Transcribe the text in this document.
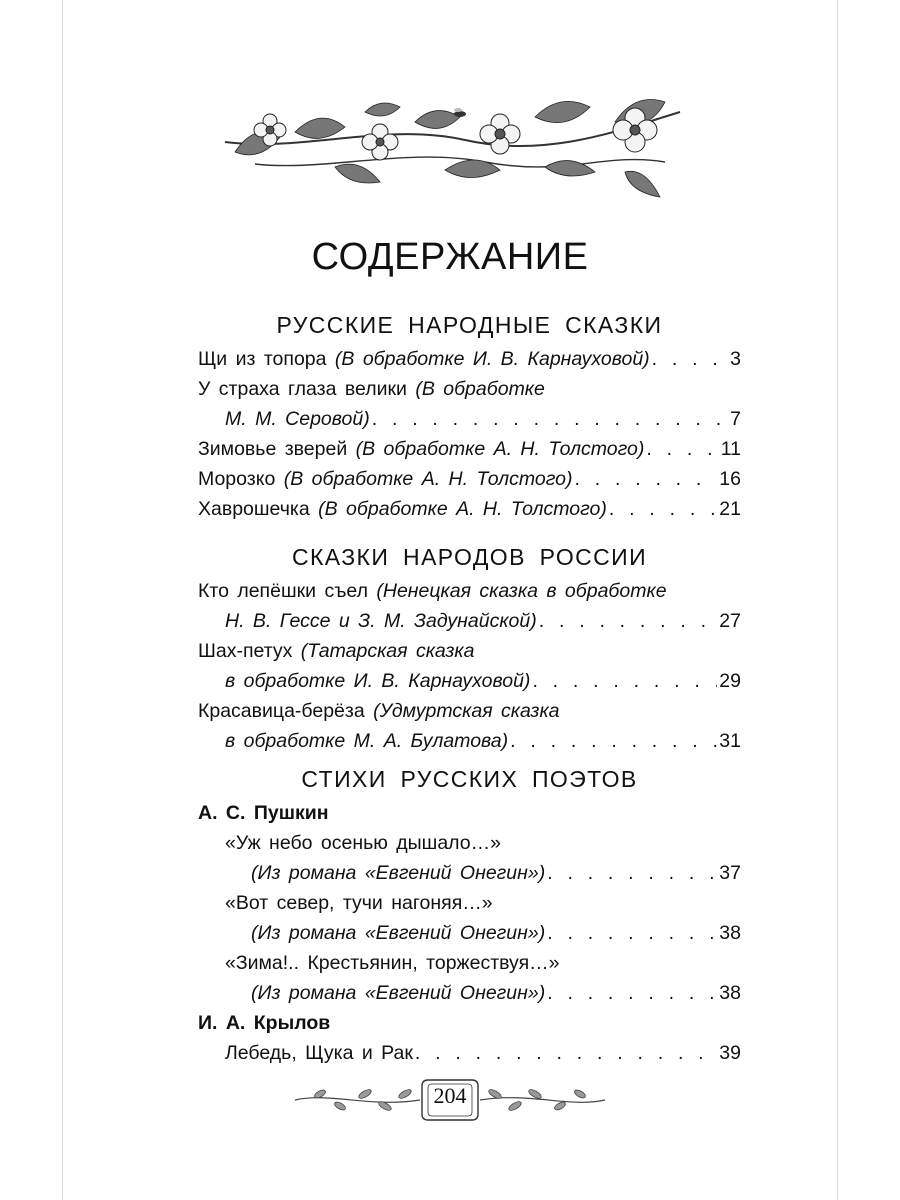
СОДЕРЖАНИЕ
РУССКИЕ НАРОДНЫЕ СКАЗКИ
Щи из топора (В обработке И. В. Карнауховой) . . .	3
У страха глаза велики (В обработке
М. М. Серовой) . . .	7
Зимовье зверей (В обработке А. Н. Толстого) . . .	11
Морозко (В обработке А. Н. Толстого) . . .	16
Хаврошечка (В обработке А. Н. Толстого) . . .	21
СКАЗКИ НАРОДОВ РОССИИ
Кто лепёшки съел (Ненецкая сказка в обработке
Н. В. Гессе и З. М. Задунайской) . . .	27
Шах-петух (Татарская сказка
в обработке И. В. Карнауховой) . . .	29
Красавица-берёза (Удмуртская сказка
в обработке М. А. Булатова) . . .	31
СТИХИ РУССКИХ ПОЭТОВ
А. С. Пушкин
«Уж небо осенью дышало…»
(Из романа «Евгений Онегин») . . .	37
«Вот север, тучи нагоняя…»
(Из романа «Евгений Онегин») . . .	38
«Зима!.. Крестьянин, торжествуя…»
(Из романа «Евгений Онегин») . . .	38
И. А. Крылов
Лебедь, Щука и Рак . . .	39
204
